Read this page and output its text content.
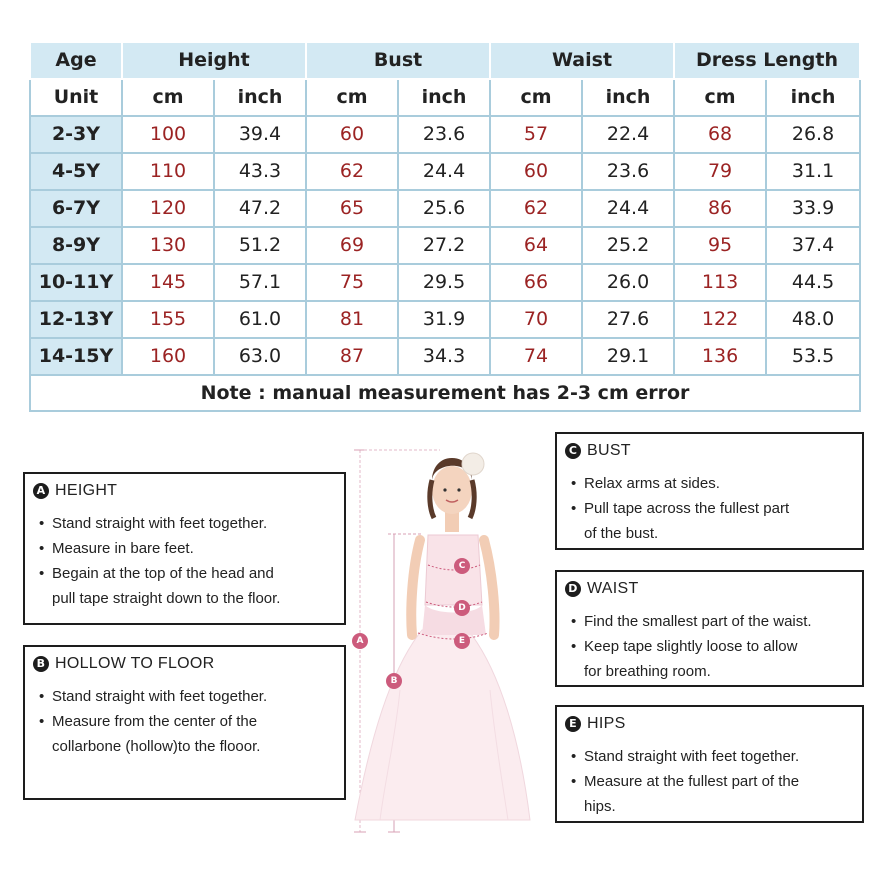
Age	Height		Bust		Waist		Dress Length	
Unit	cm	inch	cm	inch	cm	inch	cm	inch
2-3Y	100	39.4	60	23.6	57	22.4	68	26.8
4-5Y	110	43.3	62	24.4	60	23.6	79	31.1
6-7Y	120	47.2	65	25.6	62	24.4	86	33.9
8-9Y	130	51.2	69	27.2	64	25.2	95	37.4
10-11Y	145	57.1	75	29.5	66	26.0	113	44.5
12-13Y	155	61.0	81	31.9	70	27.6	122	48.0
14-15Y	160	63.0	87	34.3	74	29.1	136	53.5
Note : manual measurement has 2-3 cm error								
A HEIGHT
• Stand straight with feet together.
• Measure in bare feet.
• Begain at the top of the head and
pull tape straight down to the floor.
B HOLLOW TO FLOOR
• Stand straight with feet together.
• Measure from the center of the
collarbone (hollow)to the flooor.
C BUST
• Relax arms at sides.
• Pull tape across the fullest part
of the bust.
D WAIST
• Find the smallest part of the waist.
• Keep tape slightly loose to allow
for breathing room.
E HIPS
• Stand straight with feet together.
• Measure at the fullest part of the
hips.
A
B
C
D
E
